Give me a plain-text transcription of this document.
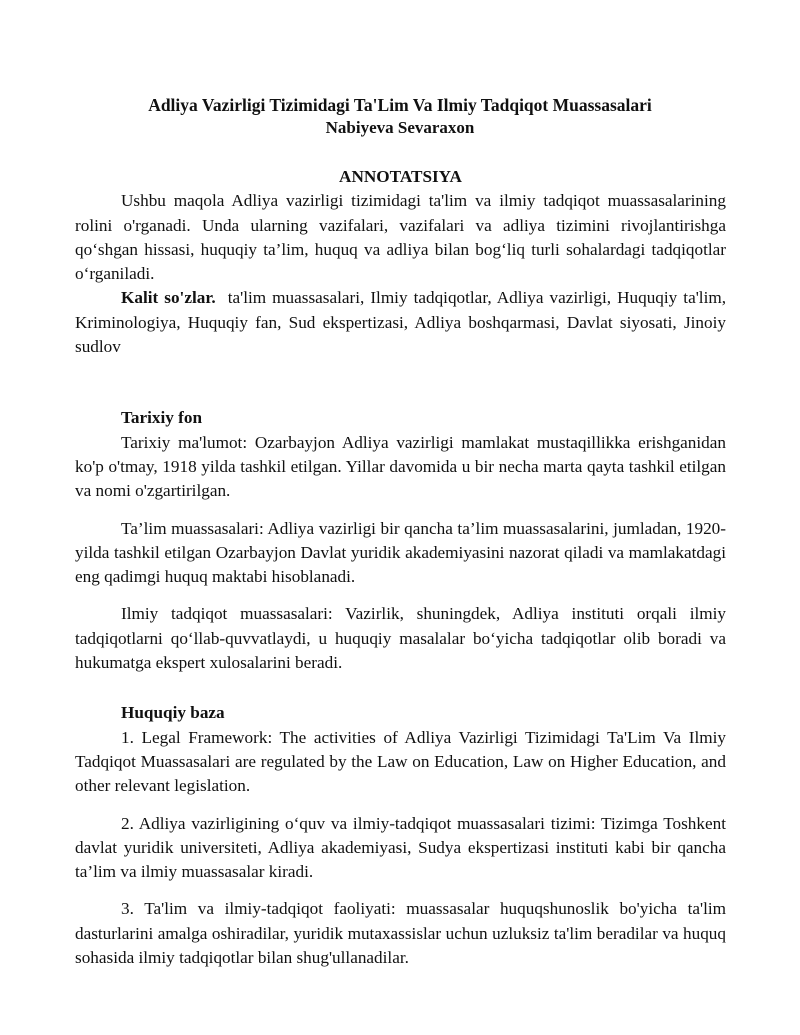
Adliya Vazirligi Tizimidagi Ta'Lim Va Ilmiy Tadqiqot Muassasalari
Nabiyeva Sevaraxon
ANNOTATSIYA

Ushbu maqola Adliya vazirligi tizimidagi ta'lim va ilmiy tadqiqot muassasalarining rolini o'rganadi. Unda ularning vazifalari, vazifalari va adliya tizimini rivojlantirishga qo‘shgan hissasi, huquqiy ta’lim, huquq va adliya bilan bog‘liq turli sohalardagi tadqiqotlar o‘rganiladi.

Kalit so'zlar. ta'lim muassasalari, Ilmiy tadqiqotlar, Adliya vazirligi, Huquqiy ta'lim, Kriminologiya, Huquqiy fan, Sud ekspertizasi, Adliya boshqarmasi, Davlat siyosati, Jinoiy sudlov

Tarixiy fon

Tarixiy ma'lumot: Ozarbayjon Adliya vazirligi mamlakat mustaqillikka erishganidan ko'p o'tmay, 1918 yilda tashkil etilgan. Yillar davomida u bir necha marta qayta tashkil etilgan va nomi o'zgartirilgan.

Ta’lim muassasalari: Adliya vazirligi bir qancha ta’lim muassasalarini, jumladan, 1920-yilda tashkil etilgan Ozarbayjon Davlat yuridik akademiyasini nazorat qiladi va mamlakatdagi eng qadimgi huquq maktabi hisoblanadi.

Ilmiy tadqiqot muassasalari: Vazirlik, shuningdek, Adliya instituti orqali ilmiy tadqiqotlarni qo‘llab-quvvatlaydi, u huquqiy masalalar bo‘yicha tadqiqotlar olib boradi va hukumatga ekspert xulosalarini beradi.

Huquqiy baza

1. Legal Framework: The activities of Adliya Vazirligi Tizimidagi Ta'Lim Va Ilmiy Tadqiqot Muassasalari are regulated by the Law on Education, Law on Higher Education, and other relevant legislation.

2. Adliya vazirligining o‘quv va ilmiy-tadqiqot muassasalari tizimi: Tizimga Toshkent davlat yuridik universiteti, Adliya akademiyasi, Sudya ekspertizasi instituti kabi bir qancha ta’lim va ilmiy muassasalar kiradi.

3. Ta'lim va ilmiy-tadqiqot faoliyati: muassasalar huquqshunoslik bo'yicha ta'lim dasturlarini amalga oshiradilar, yuridik mutaxassislar uchun uzluksiz ta'lim beradilar va huquq sohasida ilmiy tadqiqotlar bilan shug'ullanadilar.
